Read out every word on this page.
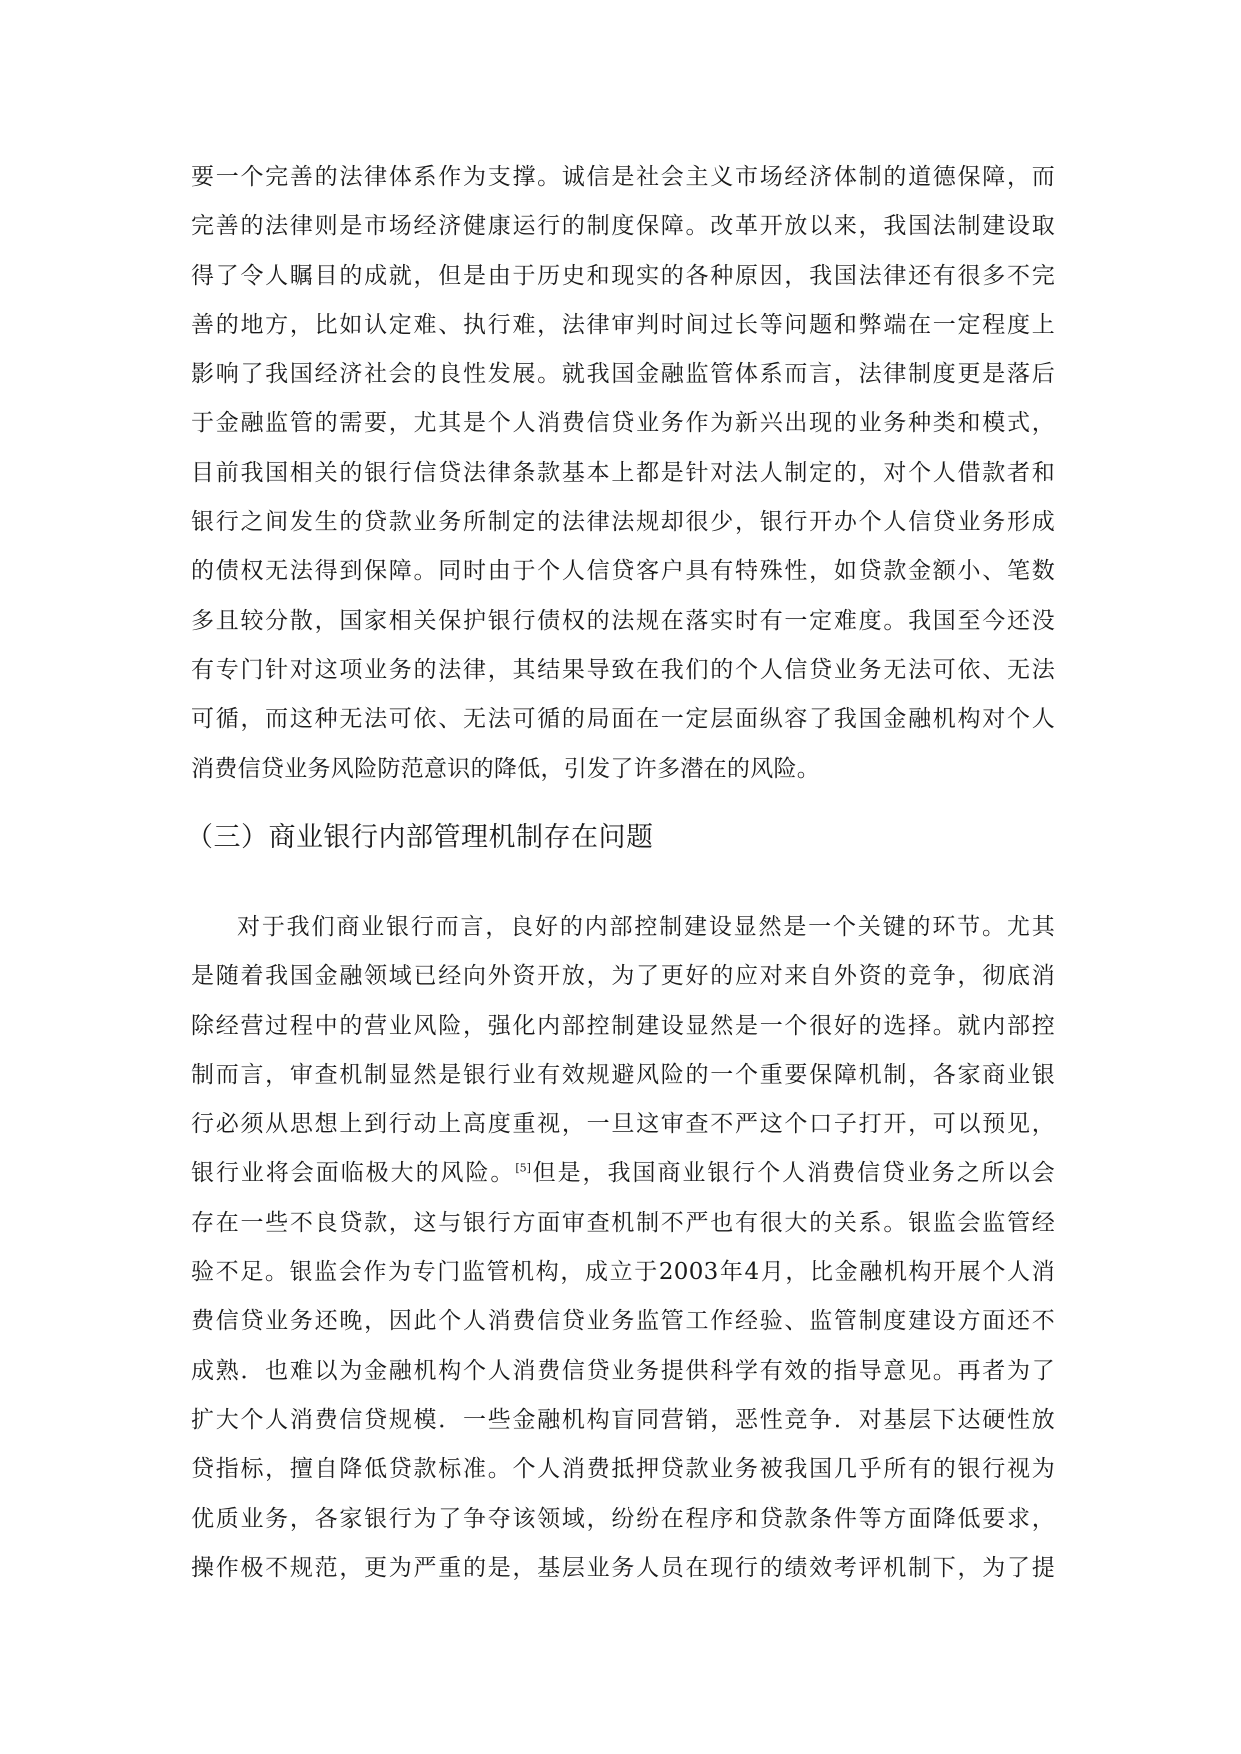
要一个完善的法律体系作为支撑。诚信是社会主义市场经济体制的道德保障，而
完善的法律则是市场经济健康运行的制度保障。改革开放以来，我国法制建设取
得了令人瞩目的成就，但是由于历史和现实的各种原因，我国法律还有很多不完
善的地方，比如认定难、执行难，法律审判时间过长等问题和弊端在一定程度上
影响了我国经济社会的良性发展。就我国金融监管体系而言，法律制度更是落后
于金融监管的需要，尤其是个人消费信贷业务作为新兴出现的业务种类和模式，
目前我国相关的银行信贷法律条款基本上都是针对法人制定的，对个人借款者和
银行之间发生的贷款业务所制定的法律法规却很少，银行开办个人信贷业务形成
的债权无法得到保障。同时由于个人信贷客户具有特殊性，如贷款金额小、笔数
多且较分散，国家相关保护银行债权的法规在落实时有一定难度。我国至今还没
有专门针对这项业务的法律，其结果导致在我们的个人信贷业务无法可依、无法
可循，而这种无法可依、无法可循的局面在一定层面纵容了我国金融机构对个人
消费信贷业务风险防范意识的降低，引发了许多潜在的风险。
（三）商业银行内部管理机制存在问题
对于我们商业银行而言，良好的内部控制建设显然是一个关键的环节。尤其
是随着我国金融领域已经向外资开放，为了更好的应对来自外资的竞争，彻底消
除经营过程中的营业风险，强化内部控制建设显然是一个很好的选择。就内部控
制而言，审查机制显然是银行业有效规避风险的一个重要保障机制，各家商业银
行必须从思想上到行动上高度重视，一旦这审查不严这个口子打开，可以预见，
银行业将会面临极大的风险。[5]但是，我国商业银行个人消费信贷业务之所以会
存在一些不良贷款，这与银行方面审查机制不严也有很大的关系。银监会监管经
验不足。银监会作为专门监管机构，成立于2003年4月，比金融机构开展个人消
费信贷业务还晚，因此个人消费信贷业务监管工作经验、监管制度建设方面还不
成熟．也难以为金融机构个人消费信贷业务提供科学有效的指导意见。再者为了
扩大个人消费信贷规模．一些金融机构盲同营销，恶性竞争．对基层下达硬性放
贷指标，擅自降低贷款标准。个人消费抵押贷款业务被我国几乎所有的银行视为
优质业务，各家银行为了争夺该领域，纷纷在程序和贷款条件等方面降低要求，
操作极不规范，更为严重的是，基层业务人员在现行的绩效考评机制下，为了提
